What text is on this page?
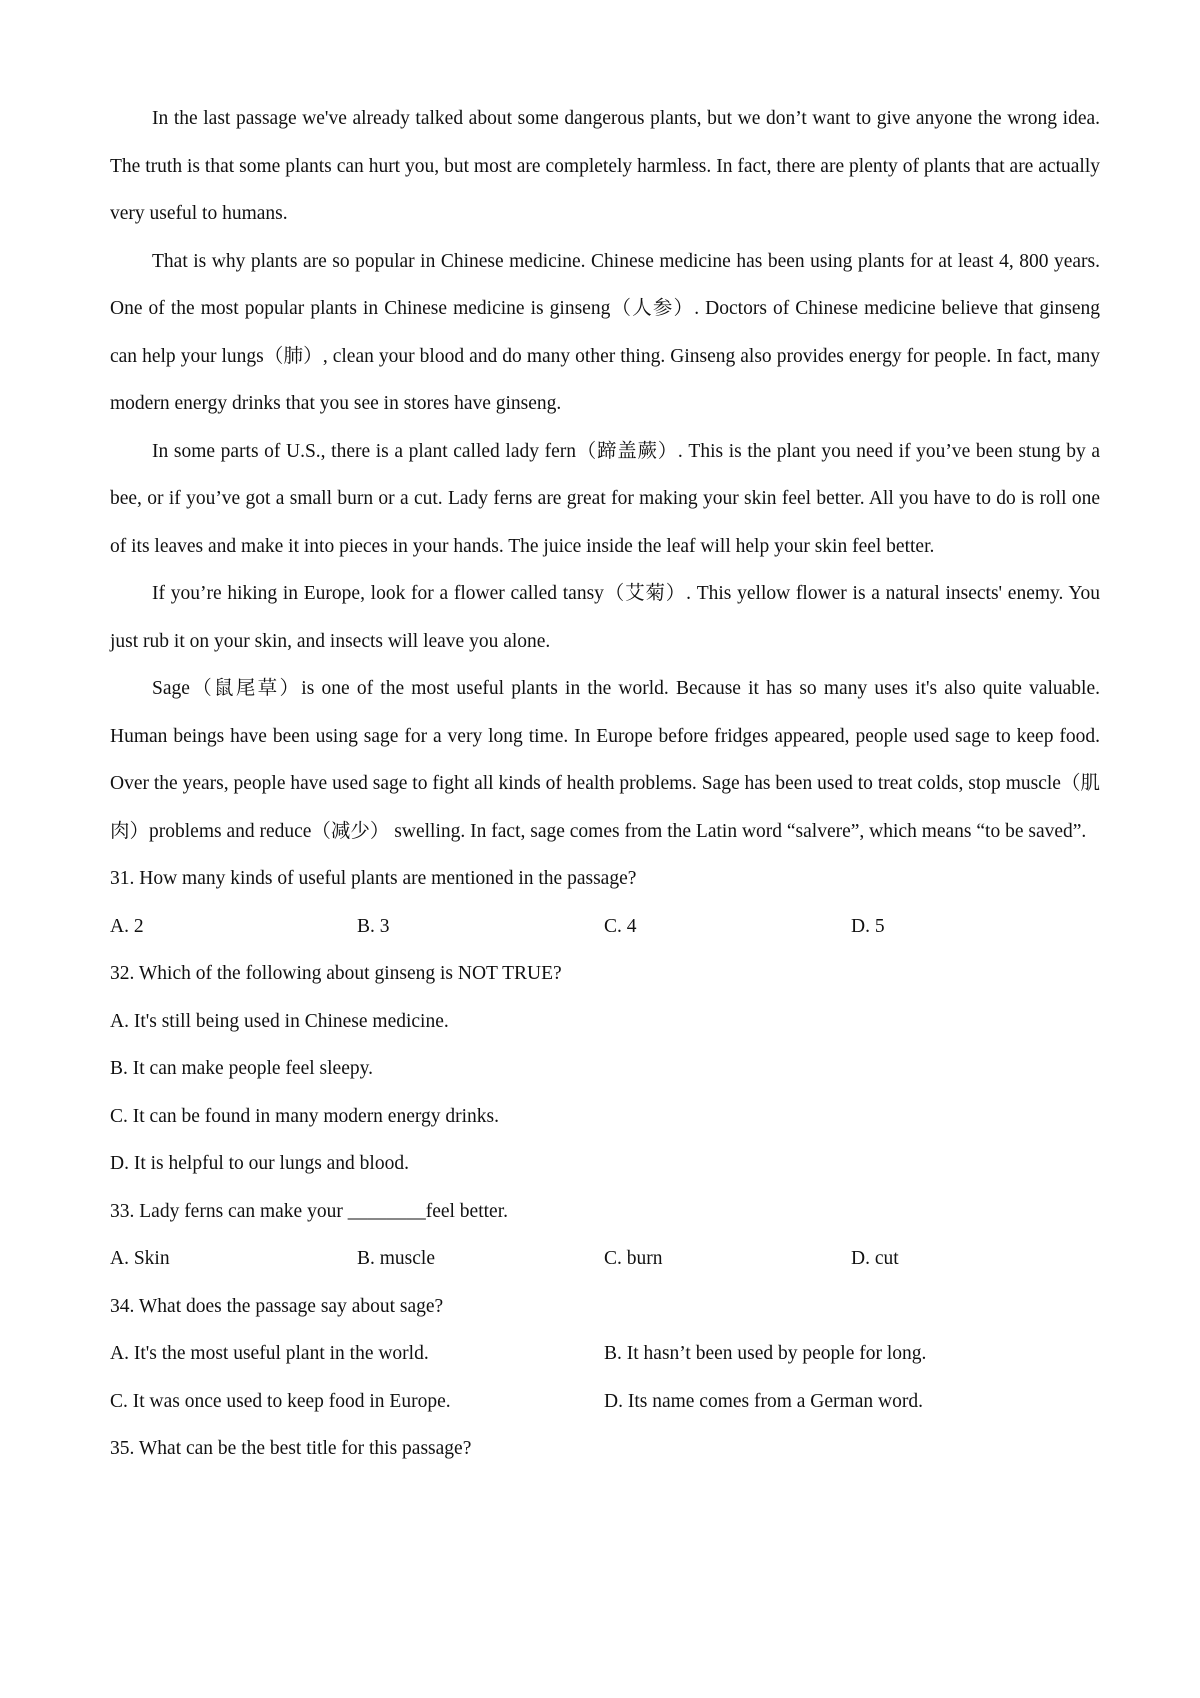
In the last passage we've already talked about some dangerous plants, but we don’t want to give anyone the wrong idea. The truth is that some plants can hurt you, but most are completely harmless. In fact, there are plenty of plants that are actually very useful to humans.

That is why plants are so popular in Chinese medicine. Chinese medicine has been using plants for at least 4, 800 years. One of the most popular plants in Chinese medicine is ginseng（人参）. Doctors of Chinese medicine believe that ginseng can help your lungs（肺）, clean your blood and do many other thing. Ginseng also provides energy for people. In fact, many modern energy drinks that you see in stores have ginseng.

In some parts of U.S., there is a plant called lady fern（蹄盖蕨）. This is the plant you need if you’ve been stung by a bee, or if you’ve got a small burn or a cut. Lady ferns are great for making your skin feel better. All you have to do is roll one of its leaves and make it into pieces in your hands. The juice inside the leaf will help your skin feel better.

If you’re hiking in Europe, look for a flower called tansy（艾菊）. This yellow flower is a natural insects' enemy. You just rub it on your skin, and insects will leave you alone.

Sage（鼠尾草）is one of the most useful plants in the world. Because it has so many uses it's also quite valuable. Human beings have been using sage for a very long time. In Europe before fridges appeared, people used sage to keep food. Over the years, people have used sage to fight all kinds of health problems. Sage has been used to treat colds, stop muscle（肌肉）problems and reduce（减少） swelling. In fact, sage comes from the Latin word “salvere”, which means “to be saved”.

31. How many kinds of useful plants are mentioned in the passage?

A. 2	B. 3	C. 4	D. 5

32. Which of the following about ginseng is NOT TRUE?

A. It's still being used in Chinese medicine.

B. It can make people feel sleepy.

C. It can be found in many modern energy drinks.

D. It is helpful to our lungs and blood.

33. Lady ferns can make your ________feel better.

A. Skin	B. muscle	C. burn	D. cut

34. What does the passage say about sage?

A. It's the most useful plant in the world.	B. It hasn’t been used by people for long.
C. It was once used to keep food in Europe.	D. Its name comes from a German word.

35. What can be the best title for this passage?
